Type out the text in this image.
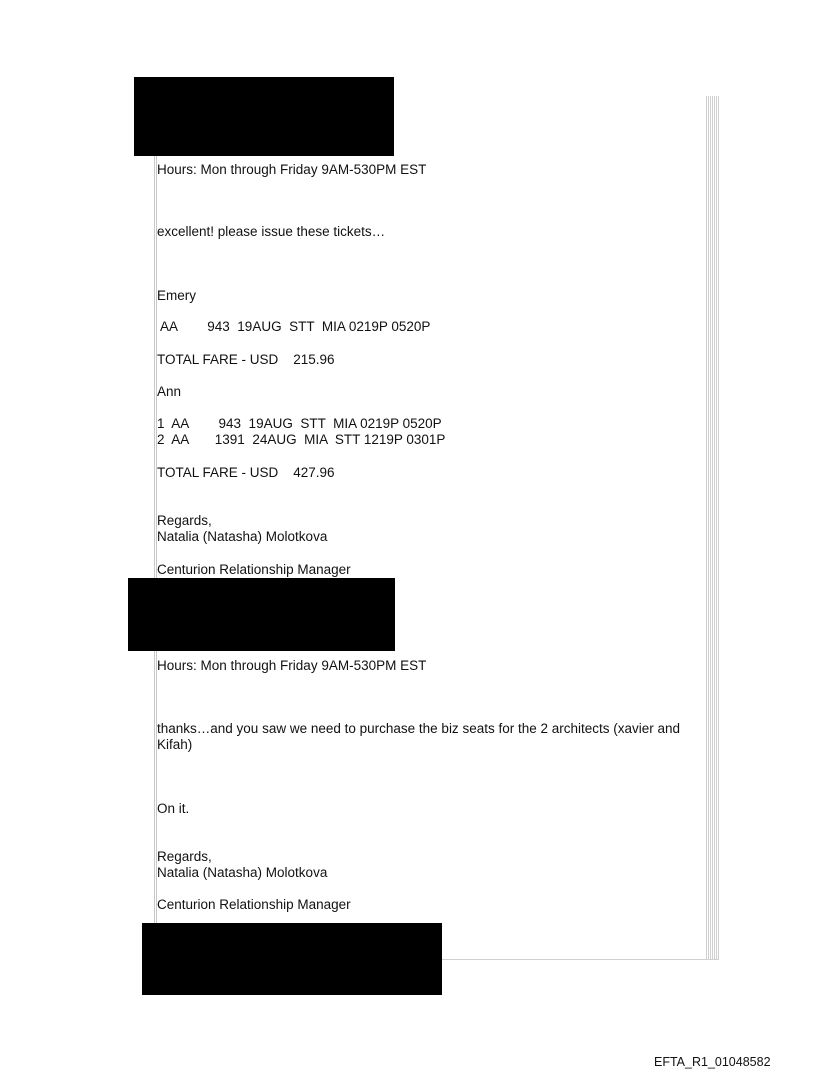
Hours: Mon through Friday 9AM-530PM EST

excellent! please issue these tickets…

Emery

AA        943  19AUG  STT  MIA 0219P 0520P

TOTAL FARE - USD    215.96

Ann

1  AA        943  19AUG  STT  MIA 0219P 0520P

2  AA       1391  24AUG  MIA  STT 1219P 0301P

TOTAL FARE - USD    427.96

Regards,

Natalia (Natasha) Molotkova

Centurion Relationship Manager

Hours: Mon through Friday 9AM-530PM EST

thanks…and you saw we need to purchase the biz seats for the 2 architects (xavier and Kifah)

On it.

Regards,

Natalia (Natasha) Molotkova

Centurion Relationship Manager

EFTA_R1_01048582
